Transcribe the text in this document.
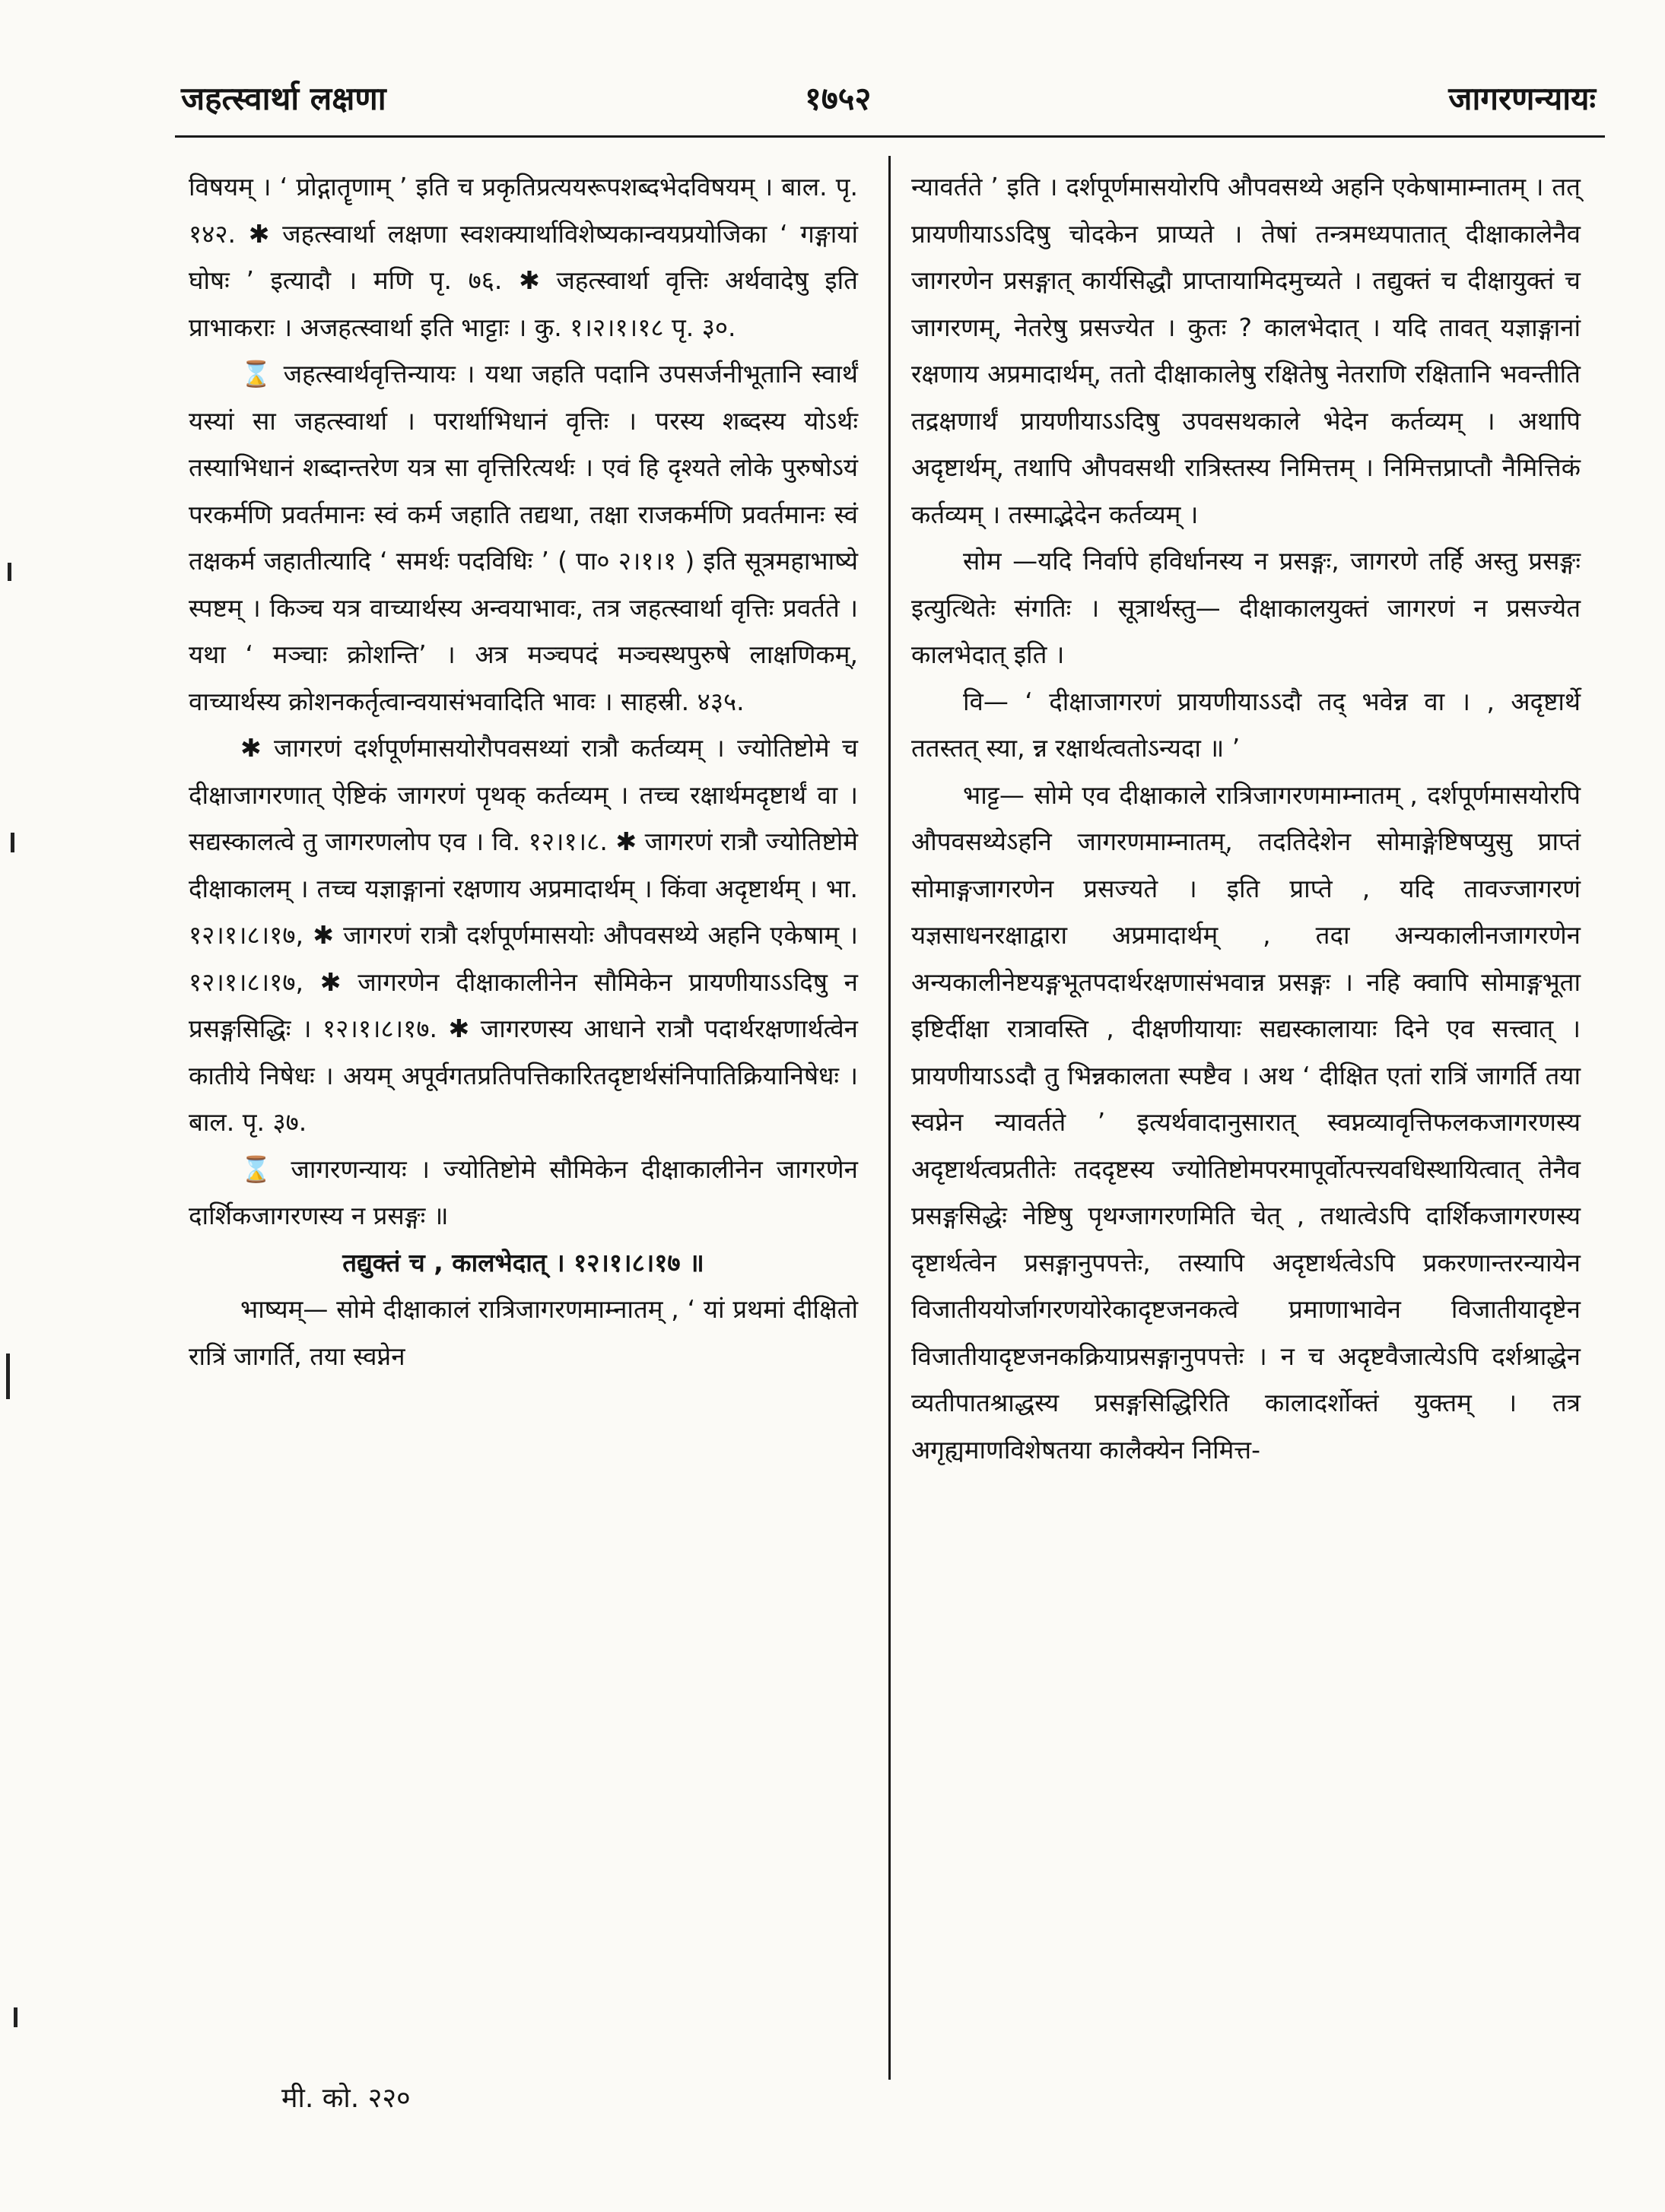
जहत्स्वार्था लक्षणा	१७५२	जागरणन्यायः

विषयम् । ‘ प्रोद्गातॄणाम् ’ इति च प्रकृतिप्रत्ययरूपशब्दभेदविषयम् । बाल. पृ. १४२. ✱ जहत्स्वार्था लक्षणा स्वशक्यार्थाविशेष्यकान्वयप्रयोजिका ‘ गङ्गायां घोषः ’ इत्यादौ । मणि पृ. ७६. ✱ जहत्स्वार्था वृत्तिः अर्थवादेषु इति प्राभाकराः । अजहत्स्वार्था इति भाट्टाः । कु. १।२।१।१८ पृ. ३०.

⌛ जहत्स्वार्थवृत्तिन्यायः । यथा जहति पदानि उपसर्जनीभूतानि स्वार्थं यस्यां सा जहत्स्वार्था । परार्थाभिधानं वृत्तिः । परस्य शब्दस्य योऽर्थः तस्याभिधानं शब्दान्तरेण यत्र सा वृत्तिरित्यर्थः । एवं हि दृश्यते लोके पुरुषोऽयं परकर्मणि प्रवर्तमानः स्वं कर्म जहाति तद्यथा, तक्षा राजकर्मणि प्रवर्तमानः स्वं तक्षकर्म जहातीत्यादि ‘ समर्थः पदविधिः ’ ( पा० २।१।१ ) इति सूत्रमहाभाष्ये स्पष्टम् । किञ्च यत्र वाच्यार्थस्य अन्वयाभावः, तत्र जहत्स्वार्था वृत्तिः प्रवर्तते । यथा ‘ मञ्चाः क्रोशन्ति’ । अत्र मञ्चपदं मञ्चस्थपुरुषे लाक्षणिकम्, वाच्यार्थस्य क्रोशनकर्तृत्वान्वयासंभवादिति भावः । साहस्री. ४३५.

✱ जागरणं दर्शपूर्णमासयोरौपवसथ्यां रात्रौ कर्तव्यम् । ज्योतिष्टोमे च दीक्षाजागरणात् ऐष्टिकं जागरणं पृथक् कर्तव्यम् । तच्च रक्षार्थमदृष्टार्थं वा । सद्यस्कालत्वे तु जागरणलोप एव । वि. १२।१।८. ✱ जागरणं रात्रौ ज्योतिष्टोमे दीक्षाकालम् । तच्च यज्ञाङ्गानां रक्षणाय अप्रमादार्थम् । किंवा अदृष्टार्थम् । भा. १२।१।८।१७, ✱ जागरणं रात्रौ दर्शपूर्णमासयोः औपवसथ्ये अहनि एकेषाम् । १२।१।८।१७, ✱ जागरणेन दीक्षाकालीनेन सौमिकेन प्रायणीयाऽऽदिषु न प्रसङ्गसिद्धिः । १२।१।८।१७. ✱ जागरणस्य आधाने रात्रौ पदार्थरक्षणार्थत्वेन कातीये निषेधः । अयम् अपूर्वगतप्रतिपत्तिकारितदृष्टार्थसंनिपातिक्रियानिषेधः । बाल. पृ. ३७.

⌛ जागरणन्यायः । ज्योतिष्टोमे सौमिकेन दीक्षाकालीनेन जागरणेन दार्शिकजागरणस्य न प्रसङ्गः ॥

तद्युक्तं च , कालभेदात् । १२।१।८।१७ ॥

भाष्यम्— सोमे दीक्षाकालं रात्रिजागरणमाम्नातम् , ‘ यां प्रथमां दीक्षितो रात्रिं जागर्ति, तया स्वप्नेन

न्यावर्तते ’ इति । दर्शपूर्णमासयोरपि औपवसथ्ये अहनि एकेषामाम्नातम् । तत् प्रायणीयाऽऽदिषु चोदकेन प्राप्यते । तेषां तन्त्रमध्यपातात् दीक्षाकालेनैव जागरणेन प्रसङ्गात् कार्यसिद्धौ प्राप्तायामिदमुच्यते । तद्युक्तं च दीक्षायुक्तं च जागरणम्, नेतरेषु प्रसज्येत । कुतः ? कालभेदात् । यदि तावत् यज्ञाङ्गानां रक्षणाय अप्रमादार्थम्, ततो दीक्षाकालेषु रक्षितेषु नेतराणि रक्षितानि भवन्तीति तद्रक्षणार्थं प्रायणीयाऽऽदिषु उपवसथकाले भेदेन कर्तव्यम् । अथापि अदृष्टार्थम्, तथापि औपवसथी रात्रिस्तस्य निमित्तम् । निमित्तप्राप्तौ नैमित्तिकं कर्तव्यम् । तस्माद्भेदेन कर्तव्यम् ।

सोम —यदि निर्वापे हविर्धानस्य न प्रसङ्गः, जागरणे तर्हि अस्तु प्रसङ्गः इत्युत्थितेः संगतिः । सूत्रार्थस्तु— दीक्षाकालयुक्तं जागरणं न प्रसज्येत कालभेदात् इति ।

वि— ‘ दीक्षाजागरणं प्रायणीयाऽऽदौ तद् भवेन्न वा । , अदृष्टार्थे ततस्तत् स्या, न्न रक्षार्थत्वतोऽन्यदा ॥ ’

भाट्ट— सोमे एव दीक्षाकाले रात्रिजागरणमाम्नातम् , दर्शपूर्णमासयोरपि औपवसथ्येऽहनि जागरणमाम्नातम्, तदतिदेशेन सोमाङ्गेष्टिषप्युसु प्राप्तं सोमाङ्गजागरणेन प्रसज्यते । इति प्राप्ते , यदि तावज्जागरणं यज्ञसाधनरक्षाद्वारा अप्रमादार्थम् , तदा अन्यकालीनजागरणेन अन्यकालीनेष्टयङ्गभूतपदार्थरक्षणासंभवान्न प्रसङ्गः । नहि क्वापि सोमाङ्गभूता इष्टिर्दीक्षा रात्रावस्ति , दीक्षणीयायाः सद्यस्कालायाः दिने एव सत्त्वात् । प्रायणीयाऽऽदौ तु भिन्नकालता स्पष्टैव । अथ ‘ दीक्षित एतां रात्रिं जागर्ति तया स्वप्नेन न्यावर्तते ’ इत्यर्थवादानुसारात् स्वप्नव्यावृत्तिफलकजागरणस्य अदृष्टार्थत्वप्रतीतेः तददृष्टस्य ज्योतिष्टोमपरमापूर्वोत्पत्त्यवधिस्थायित्वात् तेनैव प्रसङ्गसिद्धेः नेष्टिषु पृथग्जागरणमिति चेत् , तथात्वेऽपि दार्शिकजागरणस्य दृष्टार्थत्वेन प्रसङ्गानुपपत्तेः, तस्यापि अदृष्टार्थत्वेऽपि प्रकरणान्तरन्यायेन विजातीययोर्जागरणयोरेकादृष्टजनकत्वे प्रमाणाभावेन विजातीयादृष्टेन विजातीयादृष्टजनकक्रियाप्रसङ्गानुपपत्तेः । न च अदृष्टवैजात्येऽपि दर्शश्राद्धेन व्यतीपातश्राद्धस्य प्रसङ्गसिद्धिरिति कालादर्शोक्तं युक्तम् । तत्र अगृह्यमाणविशेषतया कालैक्येन निमित्त-

मी. को. २२०
